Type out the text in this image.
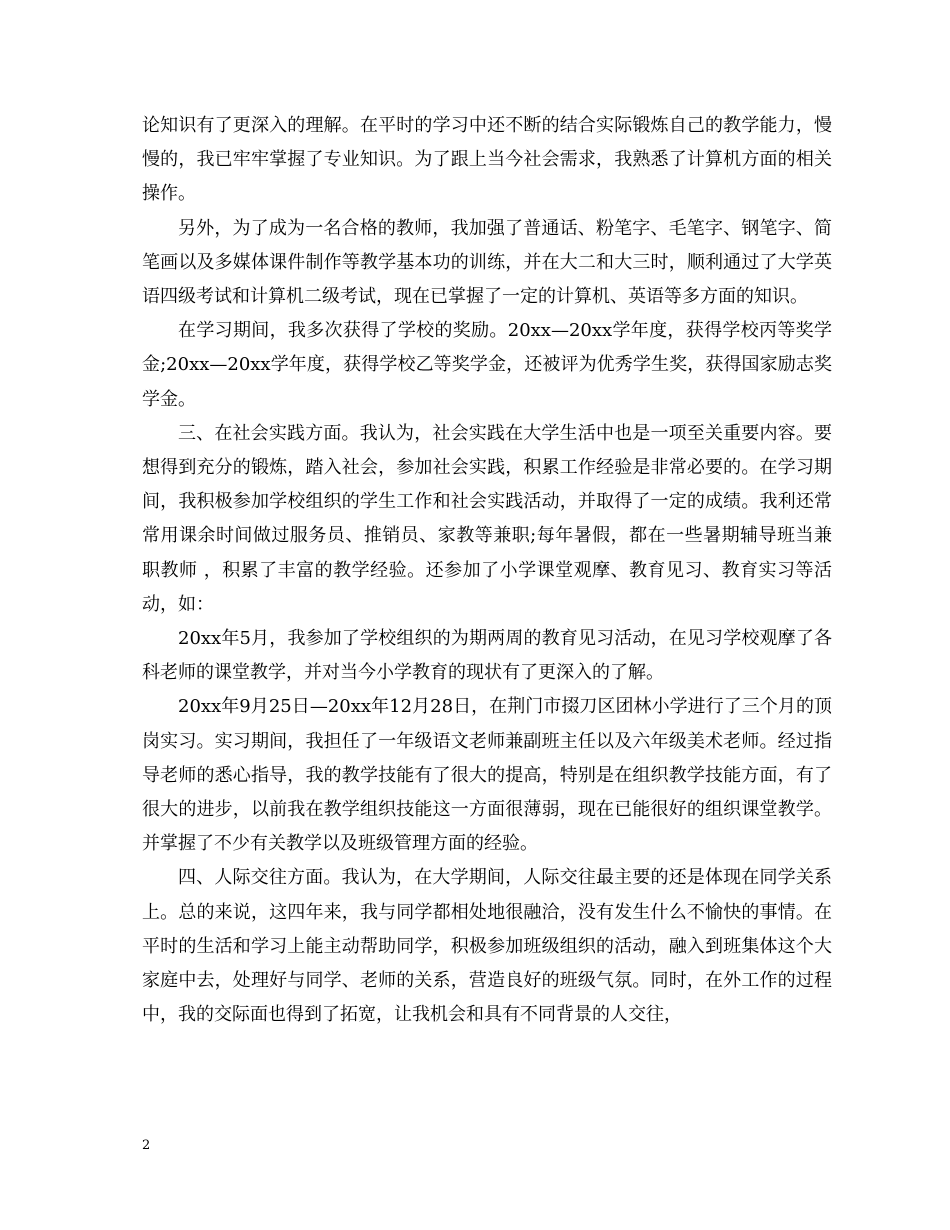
论知识有了更深入的理解。在平时的学习中还不断的结合实际锻炼自己的教学能力，慢慢的，我已牢牢掌握了专业知识。为了跟上当今社会需求，我熟悉了计算机方面的相关操作。

另外，为了成为一名合格的教师，我加强了普通话、粉笔字、毛笔字、钢笔字、简笔画以及多媒体课件制作等教学基本功的训练，并在大二和大三时，顺利通过了大学英语四级考试和计算机二级考试，现在已掌握了一定的计算机、英语等多方面的知识。

在学习期间，我多次获得了学校的奖励。20xx—20xx学年度，获得学校丙等奖学金;20xx—20xx学年度，获得学校乙等奖学金，还被评为优秀学生奖，获得国家励志奖学金。

三、在社会实践方面。我认为，社会实践在大学生活中也是一项至关重要内容。要想得到充分的锻炼，踏入社会，参加社会实践，积累工作经验是非常必要的。在学习期间，我积极参加学校组织的学生工作和社会实践活动，并取得了一定的成绩。我利还常常用课余时间做过服务员、推销员、家教等兼职;每年暑假，都在一些暑期辅导班当兼职教师 ，积累了丰富的教学经验。还参加了小学课堂观摩、教育见习、教育实习等活动，如：

20xx年5月，我参加了学校组织的为期两周的教育见习活动，在见习学校观摩了各科老师的课堂教学，并对当今小学教育的现状有了更深入的了解。

20xx年9月25日—20xx年12月28日，在荆门市掇刀区团林小学进行了三个月的顶岗实习。实习期间，我担任了一年级语文老师兼副班主任以及六年级美术老师。经过指导老师的悉心指导，我的教学技能有了很大的提高，特别是在组织教学技能方面，有了很大的进步，以前我在教学组织技能这一方面很薄弱，现在已能很好的组织课堂教学。并掌握了不少有关教学以及班级管理方面的经验。

四、人际交往方面。我认为，在大学期间，人际交往最主要的还是体现在同学关系上。总的来说，这四年来，我与同学都相处地很融洽，没有发生什么不愉快的事情。在平时的生活和学习上能主动帮助同学，积极参加班级组织的活动，融入到班集体这个大家庭中去，处理好与同学、老师的关系，营造良好的班级气氛。同时，在外工作的过程中，我的交际面也得到了拓宽，让我机会和具有不同背景的人交往，

2
